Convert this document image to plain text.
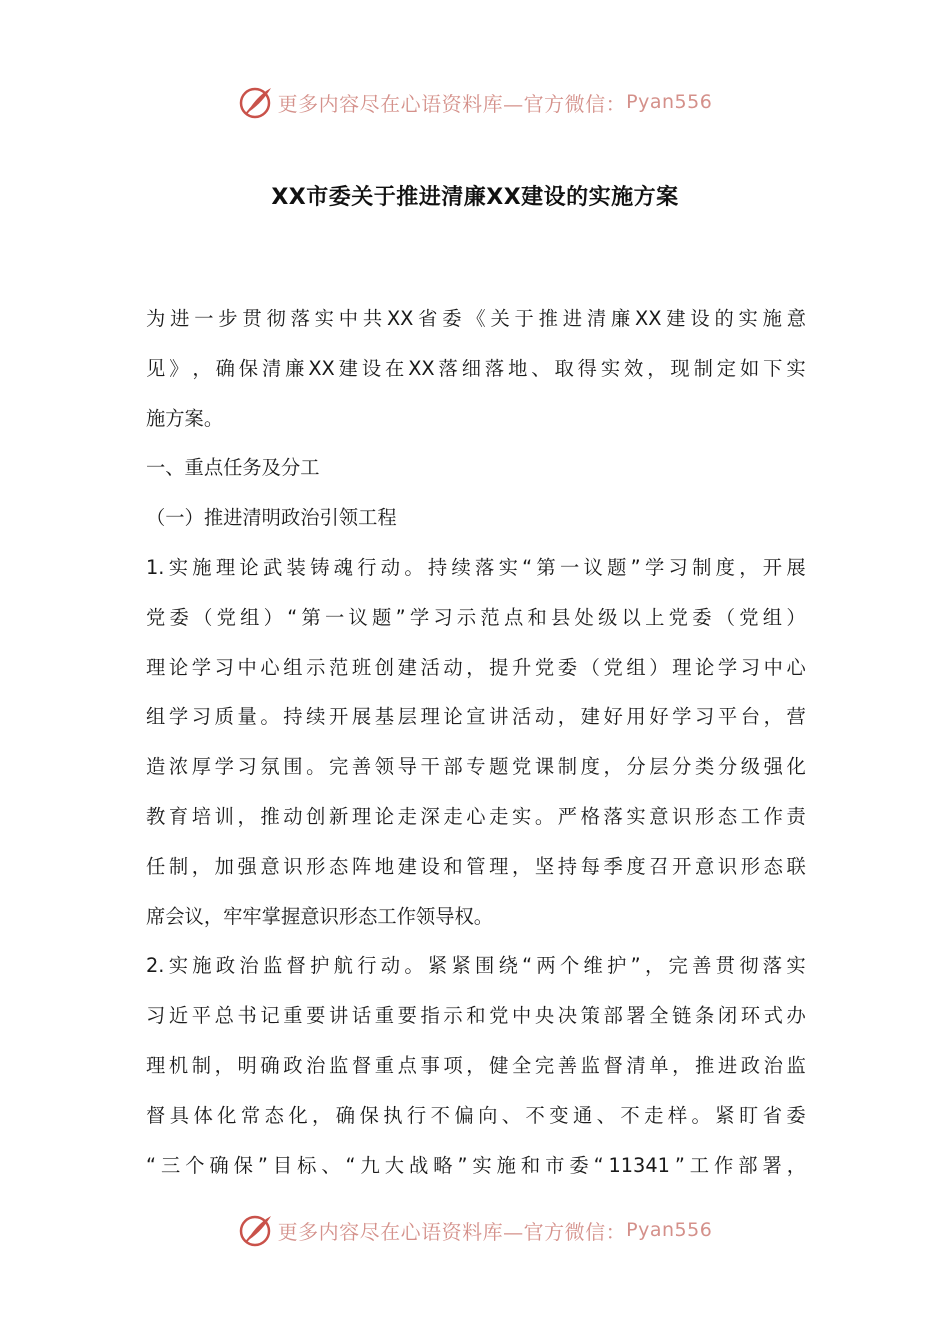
更多内容尽在心语资料库—官方微信： Pyan556
XX市委关于推进清廉XX建设的实施方案
为 进 一 步 贯 彻 落 实 中 共 XX 省 委 《 关 于 推 进 清 廉 XX 建 设 的 实 施 意
见 》 ， 确 保 清 廉 XX 建 设 在 XX 落 细 落 地 、 取 得 实 效 ， 现 制 定 如 下 实
施方案。
一、重点任务及分工
（一）推进清明政治引领工程
1. 实 施 理 论 武 装 铸 魂 行 动 。 持 续 落 实 “ 第 一 议 题 ” 学 习 制 度 ， 开 展
党 委 （ 党 组 ） “ 第 一 议 题 ” 学 习 示 范 点 和 县 处 级 以 上 党 委 （ 党 组 ）
理 论 学 习 中 心 组 示 范 班 创 建 活 动 ， 提 升 党 委 （ 党 组 ） 理 论 学 习 中 心
组 学 习 质 量 。 持 续 开 展 基 层 理 论 宣 讲 活 动 ， 建 好 用 好 学 习 平 台 ， 营
造 浓 厚 学 习 氛 围 。 完 善 领 导 干 部 专 题 党 课 制 度 ， 分 层 分 类 分 级 强 化
教 育 培 训 ， 推 动 创 新 理 论 走 深 走 心 走 实 。 严 格 落 实 意 识 形 态 工 作 责
任 制 ， 加 强 意 识 形 态 阵 地 建 设 和 管 理 ， 坚 持 每 季 度 召 开 意 识 形 态 联
席会议，牢牢掌握意识形态工作领导权。
2. 实 施 政 治 监 督 护 航 行 动 。 紧 紧 围 绕 “ 两 个 维 护 ” ， 完 善 贯 彻 落 实
习 近 平 总 书 记 重 要 讲 话 重 要 指 示 和 党 中 央 决 策 部 署 全 链 条 闭 环 式 办
理 机 制 ， 明 确 政 治 监 督 重 点 事 项 ， 健 全 完 善 监 督 清 单 ， 推 进 政 治 监
督 具 体 化 常 态 化 ， 确 保 执 行 不 偏 向 、 不 变 通 、 不 走 样 。 紧 盯 省 委
“ 三 个 确 保 ” 目 标 、 “ 九 大 战 略 ” 实 施 和 市 委 “ 11341 ” 工 作 部 署 ，
更多内容尽在心语资料库—官方微信： Pyan556
